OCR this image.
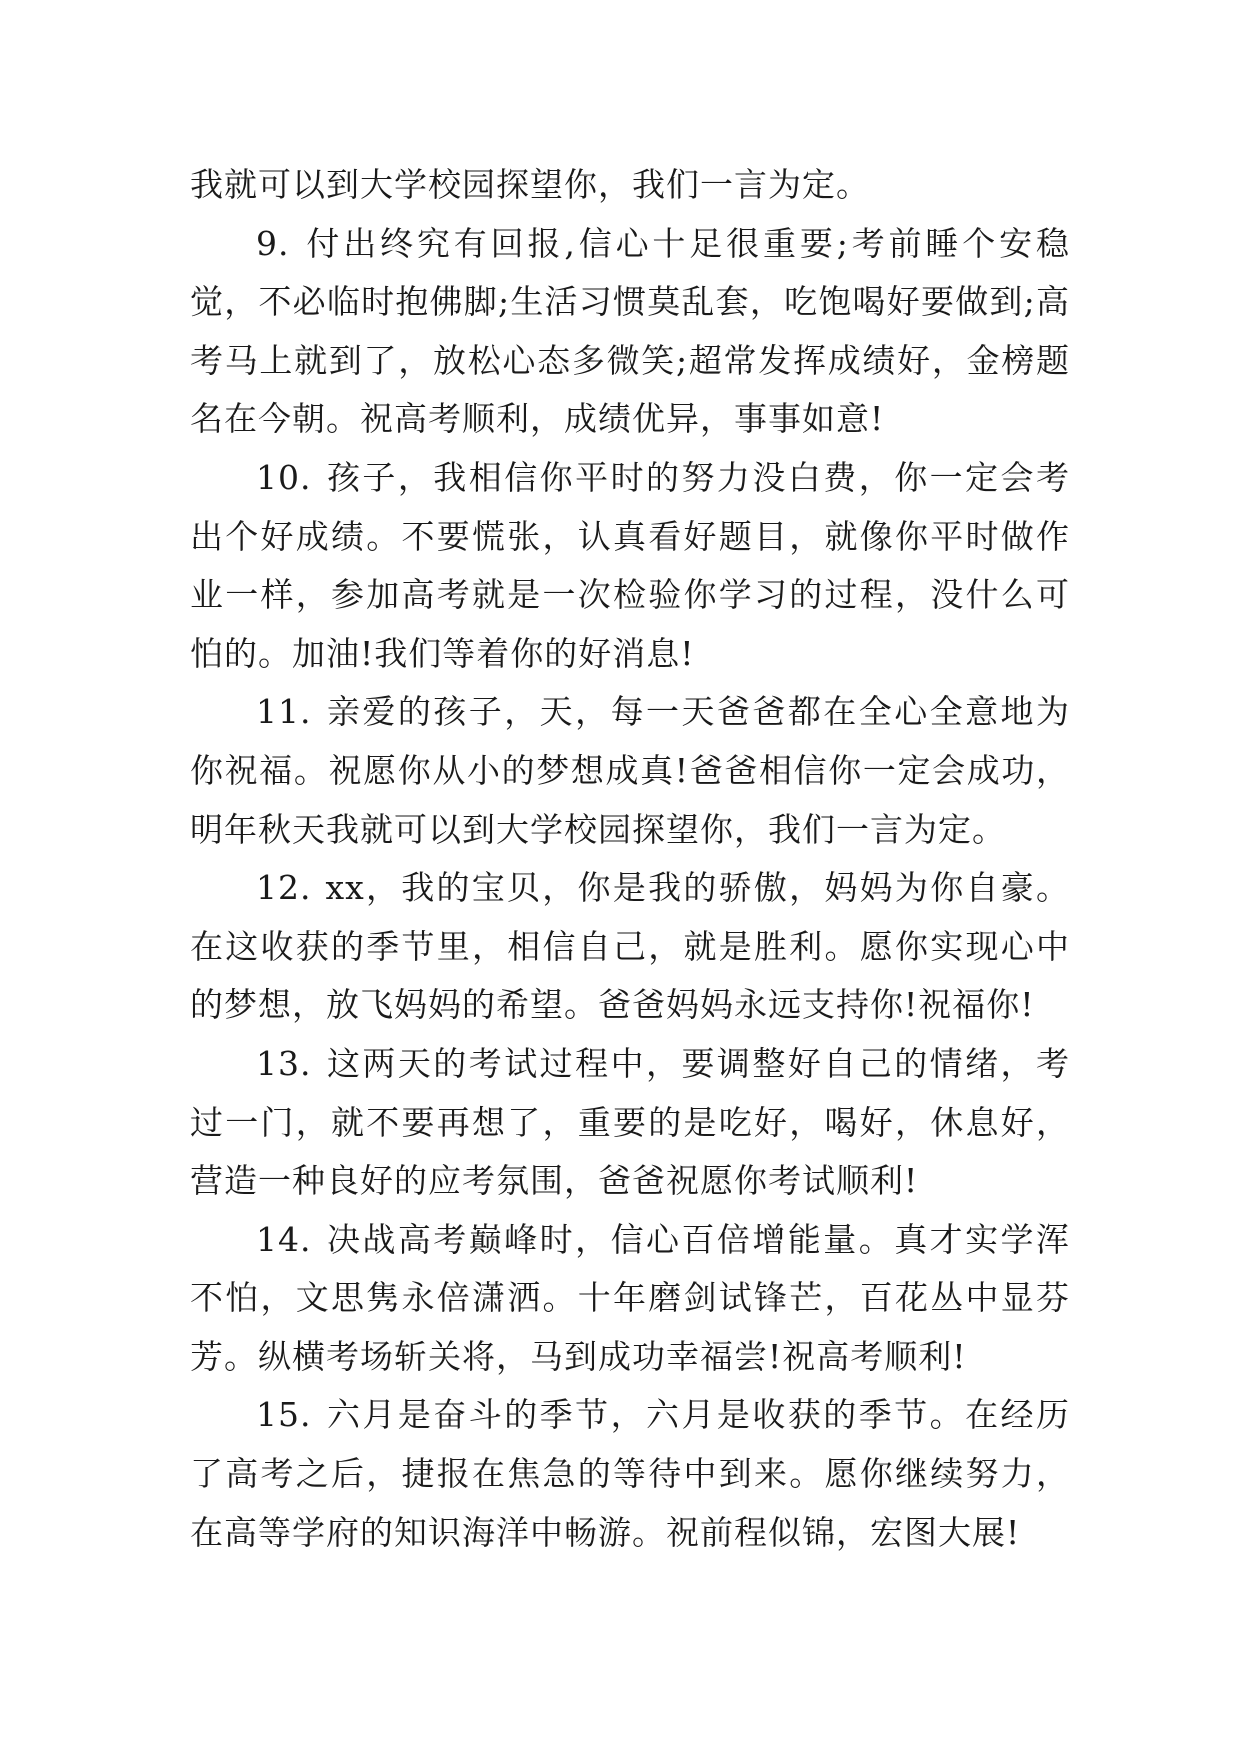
我就可以到大学校园探望你，我们一言为定。

9. 付出终究有回报,信心十足很重要;考前睡个安稳觉，不必临时抱佛脚;生活习惯莫乱套，吃饱喝好要做到;高考马上就到了，放松心态多微笑;超常发挥成绩好，金榜题名在今朝。祝高考顺利，成绩优异，事事如意!

10. 孩子，我相信你平时的努力没白费，你一定会考出个好成绩。不要慌张，认真看好题目，就像你平时做作业一样，参加高考就是一次检验你学习的过程，没什么可怕的。加油!我们等着你的好消息!

11. 亲爱的孩子，天，每一天爸爸都在全心全意地为你祝福。祝愿你从小的梦想成真!爸爸相信你一定会成功，明年秋天我就可以到大学校园探望你，我们一言为定。

12. xx，我的宝贝，你是我的骄傲，妈妈为你自豪。在这收获的季节里，相信自己，就是胜利。愿你实现心中的梦想，放飞妈妈的希望。爸爸妈妈永远支持你!祝福你!

13. 这两天的考试过程中，要调整好自己的情绪，考过一门，就不要再想了，重要的是吃好，喝好，休息好，营造一种良好的应考氛围，爸爸祝愿你考试顺利!

14. 决战高考巅峰时，信心百倍增能量。真才实学浑不怕，文思隽永倍潇洒。十年磨剑试锋芒，百花丛中显芬芳。纵横考场斩关将，马到成功幸福尝!祝高考顺利!

15. 六月是奋斗的季节，六月是收获的季节。在经历了高考之后，捷报在焦急的等待中到来。愿你继续努力，在高等学府的知识海洋中畅游。祝前程似锦，宏图大展!
